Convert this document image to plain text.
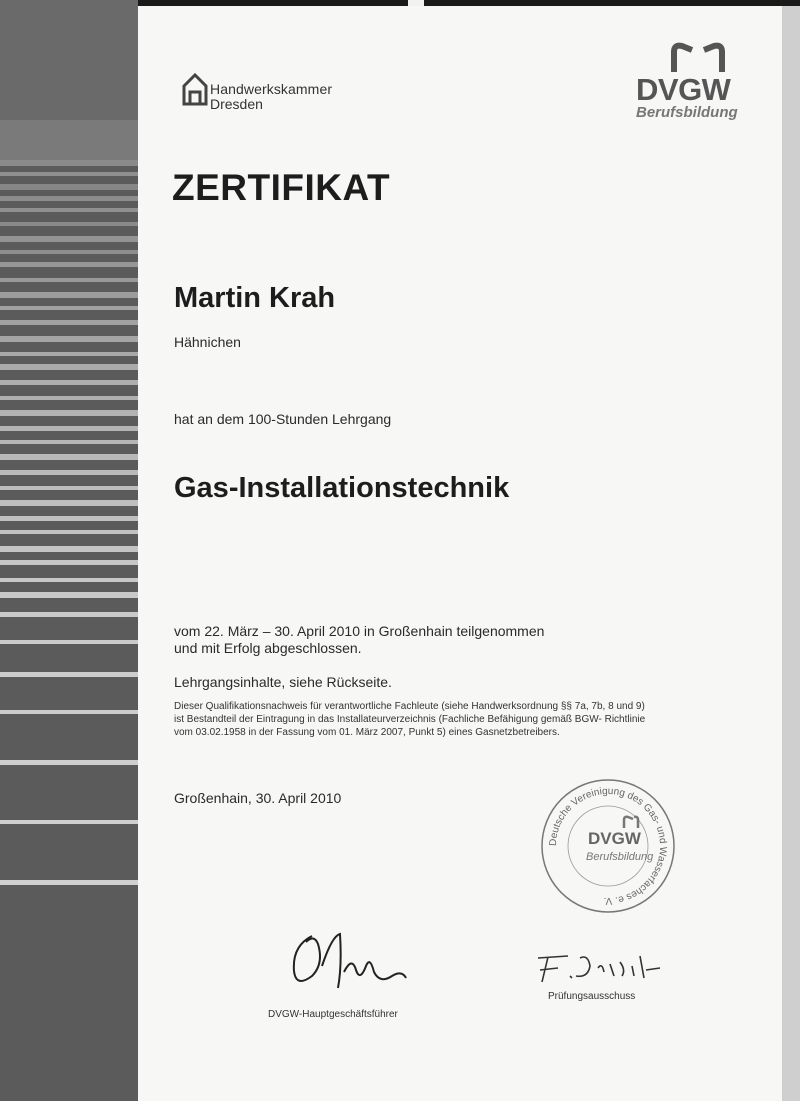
Handwerkskammer
Dresden	DVGW
Berufsbildung
ZERTIFIKAT
Martin Krah
Hähnichen
hat an dem 100-Stunden Lehrgang
Gas-Installationstechnik
vom 22. März – 30. April 2010 in Großenhain teilgenommen
und mit Erfolg abgeschlossen.
Lehrgangsinhalte, siehe Rückseite.
Dieser Qualifikationsnachweis für verantwortliche Fachleute (siehe Handwerksordnung §§ 7a, 7b, 8 und 9)
ist Bestandteil der Eintragung in das Installateurverzeichnis (Fachliche Befähigung gemäß BGW- Richtlinie
vom 03.02.1958 in der Fassung vom 01. März 2007, Punkt 5) eines Gasnetzbetreibers.
Großenhain, 30. April 2010
Deutsche Vereinigung des Gas- und Wasserfaches e. V.
DVGW
Berufsbildung
DVGW-Hauptgeschäftsführer
Prüfungsausschuss
